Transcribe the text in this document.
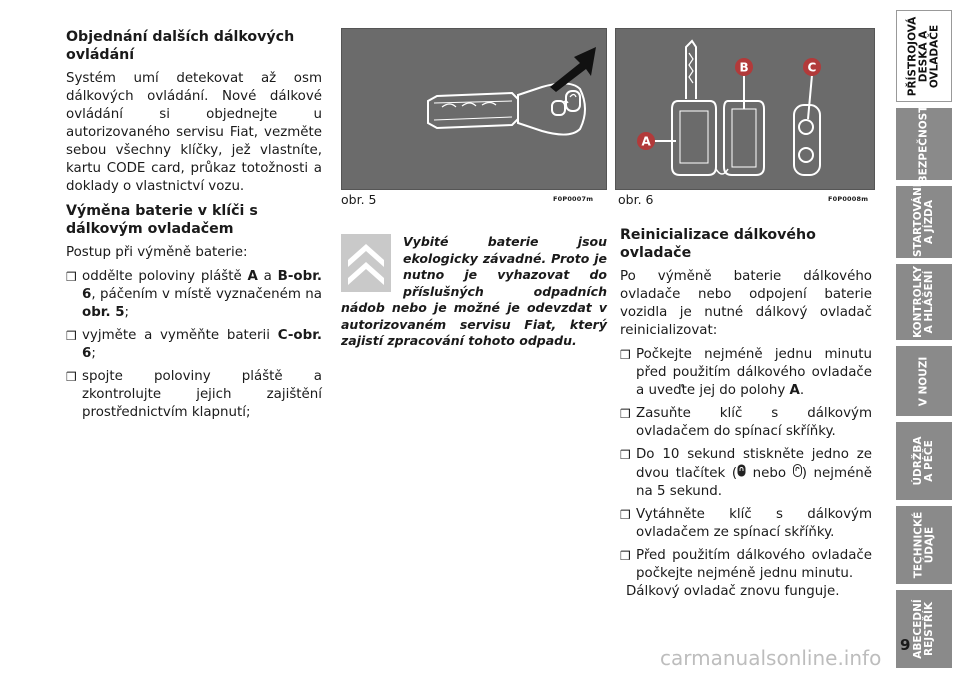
Objednání dalších dálkových ovládání

Systém umí detekovat až osm dálkových ovládání. Nové dálkové ovládání si objednejte u autorizovaného servisu Fiat, vezměte sebou všechny klíčky, jež vlastníte, kartu CODE card, průkaz totožnosti a doklady o vlastnictví vozu.

Výměna baterie v klíči s dálkovým ovladačem

Postup při výměně baterie:

❒ oddělte poloviny pláště A a B-obr. 6, páčením v místě vyznačeném na obr. 5;
❒ vyjměte a vyměňte baterii C-obr. 6;
❒ spojte poloviny pláště a zkontrolujte jejich zajištění prostřednictvím klapnutí;
obr. 5	F0P0007m
A
B	C
obr. 6	F0P0008m
Vybité baterie jsou ekologicky závadné. Proto je nutno je vyhazovat do příslušných odpadních nádob nebo je možné je odevzdat v autorizovaném servisu Fiat, který zajistí zpracování tohoto odpadu.
Reinicializace dálkového ovladače

Po výměně baterie dálkového ovladače nebo odpojení baterie vozidla je nutné dálkový ovladač reinicializovat:

❒ Počkejte nejméně jednu minutu před použitím dálkového ovladače a uveďte jej do polohy A.
❒ Zasuňte klíč s dálkovým ovladačem do spínací skříňky.
❒ Do 10 sekund stiskněte jedno ze dvou tlačítek ( nebo ) nejméně na 5 sekund.
❒ Vytáhněte klíč s dálkovým ovladačem ze spínací skříňky.
❒ Před použitím dálkového ovladače počkejte nejméně jednu minutu.
Dálkový ovladač znovu funguje.
PŘÍSTROJOVÁ DESKA A OVLADAČE
BEZPEČNOST
STARTOVÁNÍ A JÍZDA
KONTROLKY A HLÁŠENÍ
V NOUZI
ÚDRŽBA A PÉČE
TECHNICKÉ ÚDAJE
ABECEDNÍ REJSTŘÍK
9
carmanualsonline.info
